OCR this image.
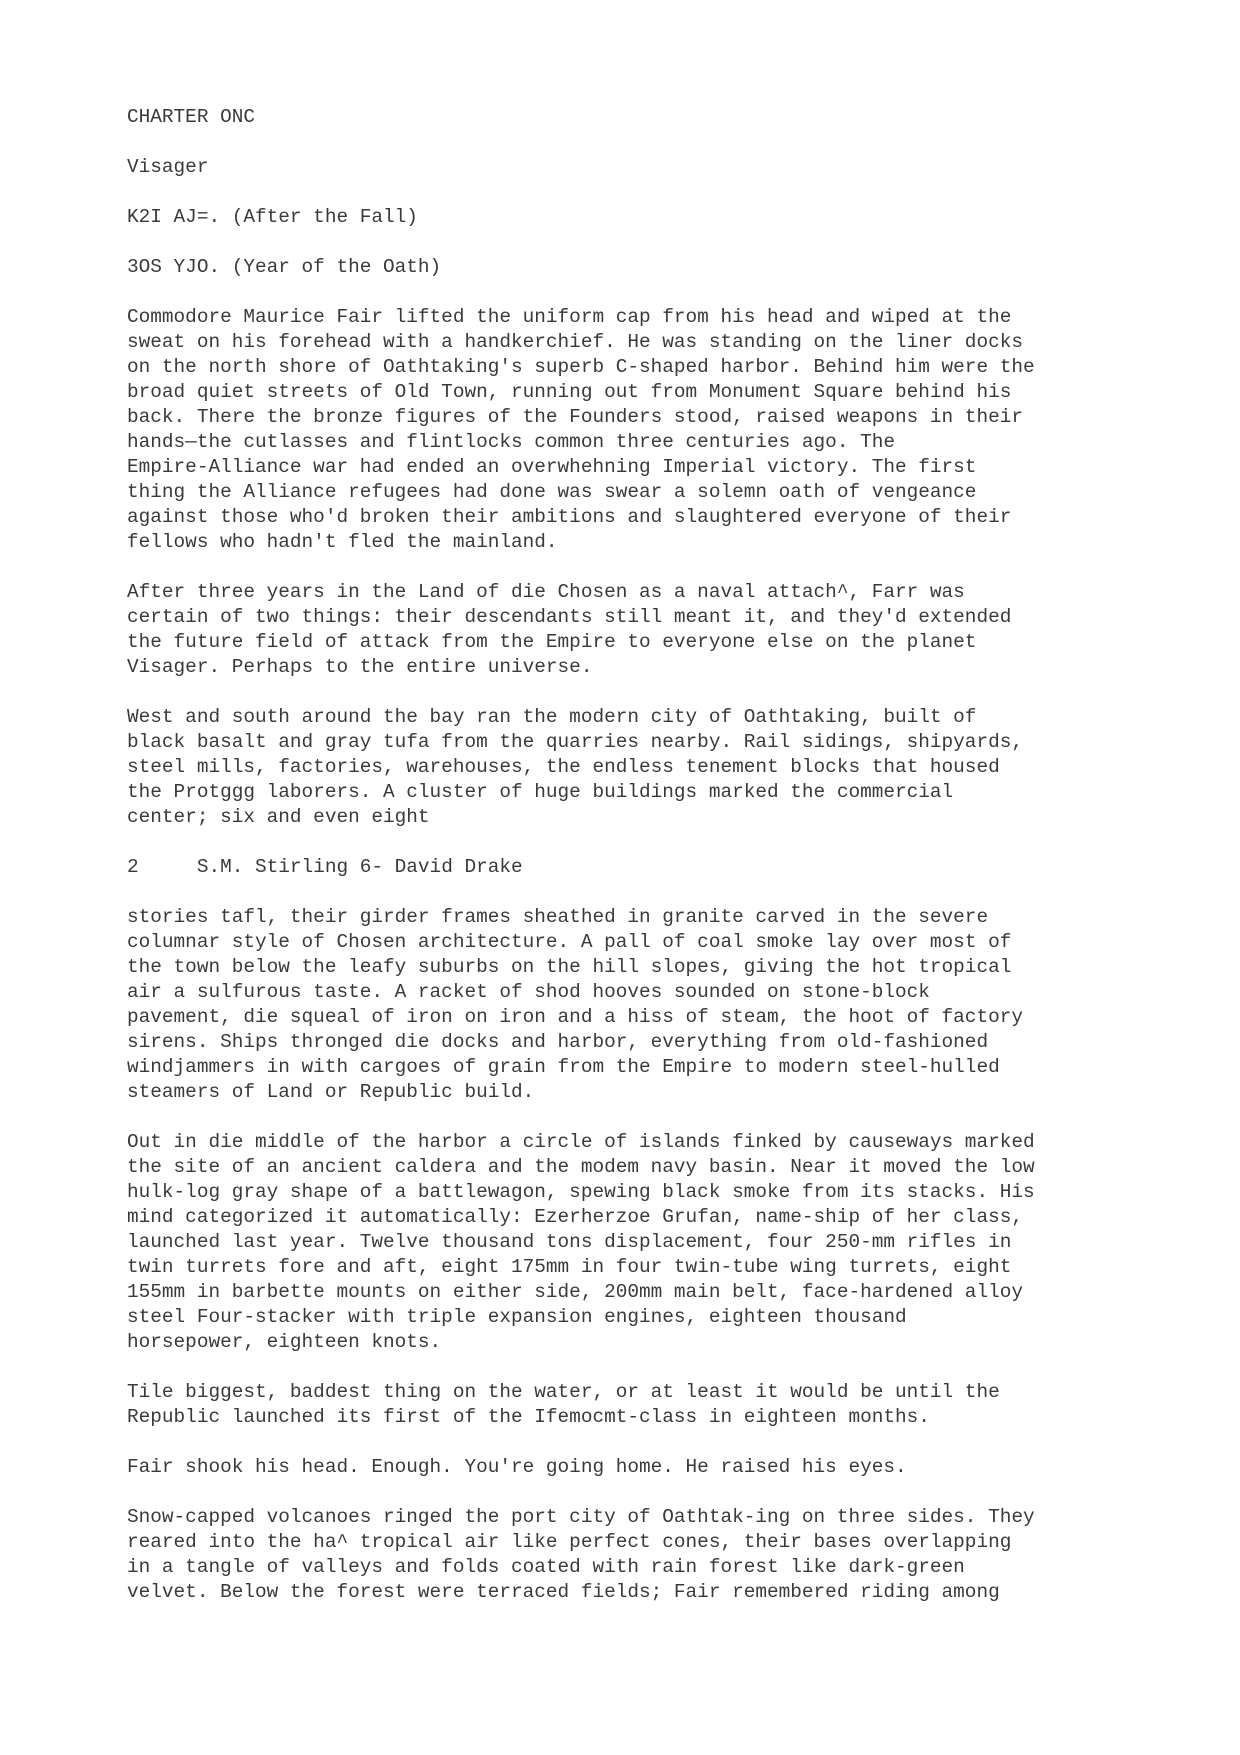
CHARTER ONC
Visager
K2I AJ=. (After the Fall)
3OS YJO. (Year of the Oath)
Commodore Maurice Fair lifted the uniform cap from his head and wiped at the
sweat on his forehead with a handkerchief. He was standing on the liner docks
on the north shore of Oathtaking's superb C-shaped harbor. Behind him were the
broad quiet streets of Old Town, running out from Monument Square behind his
back. There the bronze figures of the Founders stood, raised weapons in their
hands—the cutlasses and flintlocks common three centuries ago. The
Empire-Alliance war had ended an overwhehning Imperial victory. The first
thing the Alliance refugees had done was swear a solemn oath of vengeance
against those who'd broken their ambitions and slaughtered everyone of their
fellows who hadn't fled the mainland.
After three years in the Land of die Chosen as a naval attach^, Farr was
certain of two things: their descendants still meant it, and they'd extended
the future field of attack from the Empire to everyone else on the planet
Visager. Perhaps to the entire universe.
West and south around the bay ran the modern city of Oathtaking, built of
black basalt and gray tufa from the quarries nearby. Rail sidings, shipyards,
steel mills, factories, warehouses, the endless tenement blocks that housed
the Protggg laborers. A cluster of huge buildings marked the commercial
center; six and even eight
2	S.M. Stirling 6- David Drake
stories tafl, their girder frames sheathed in granite carved in the severe
columnar style of Chosen architecture. A pall of coal smoke lay over most of
the town below the leafy suburbs on the hill slopes, giving the hot tropical
air a sulfurous taste. A racket of shod hooves sounded on stone-block
pavement, die squeal of iron on iron and a hiss of steam, the hoot of factory
sirens. Ships thronged die docks and harbor, everything from old-fashioned
windjammers in with cargoes of grain from the Empire to modern steel-hulled
steamers of Land or Republic build.
Out in die middle of the harbor a circle of islands finked by causeways marked
the site of an ancient caldera and the modem navy basin. Near it moved the low
hulk-log gray shape of a battlewagon, spewing black smoke from its stacks. His
mind categorized it automatically: Ezerherzoe Grufan, name-ship of her class,
launched last year. Twelve thousand tons displacement, four 250-mm rifles in
twin turrets fore and aft, eight 175mm in four twin-tube wing turrets, eight
155mm in barbette mounts on either side, 200mm main belt, face-hardened alloy
steel Four-stacker with triple expansion engines, eighteen thousand
horsepower, eighteen knots.
Tile biggest, baddest thing on the water, or at least it would be until the
Republic launched its first of the Ifemocmt-class in eighteen months.
Fair shook his head. Enough. You're going home. He raised his eyes.
Snow-capped volcanoes ringed the port city of Oathtak-ing on three sides. They
reared into the ha^ tropical air like perfect cones, their bases overlapping
in a tangle of valleys and folds coated with rain forest like dark-green
velvet. Below the forest were terraced fields; Fair remembered riding among
